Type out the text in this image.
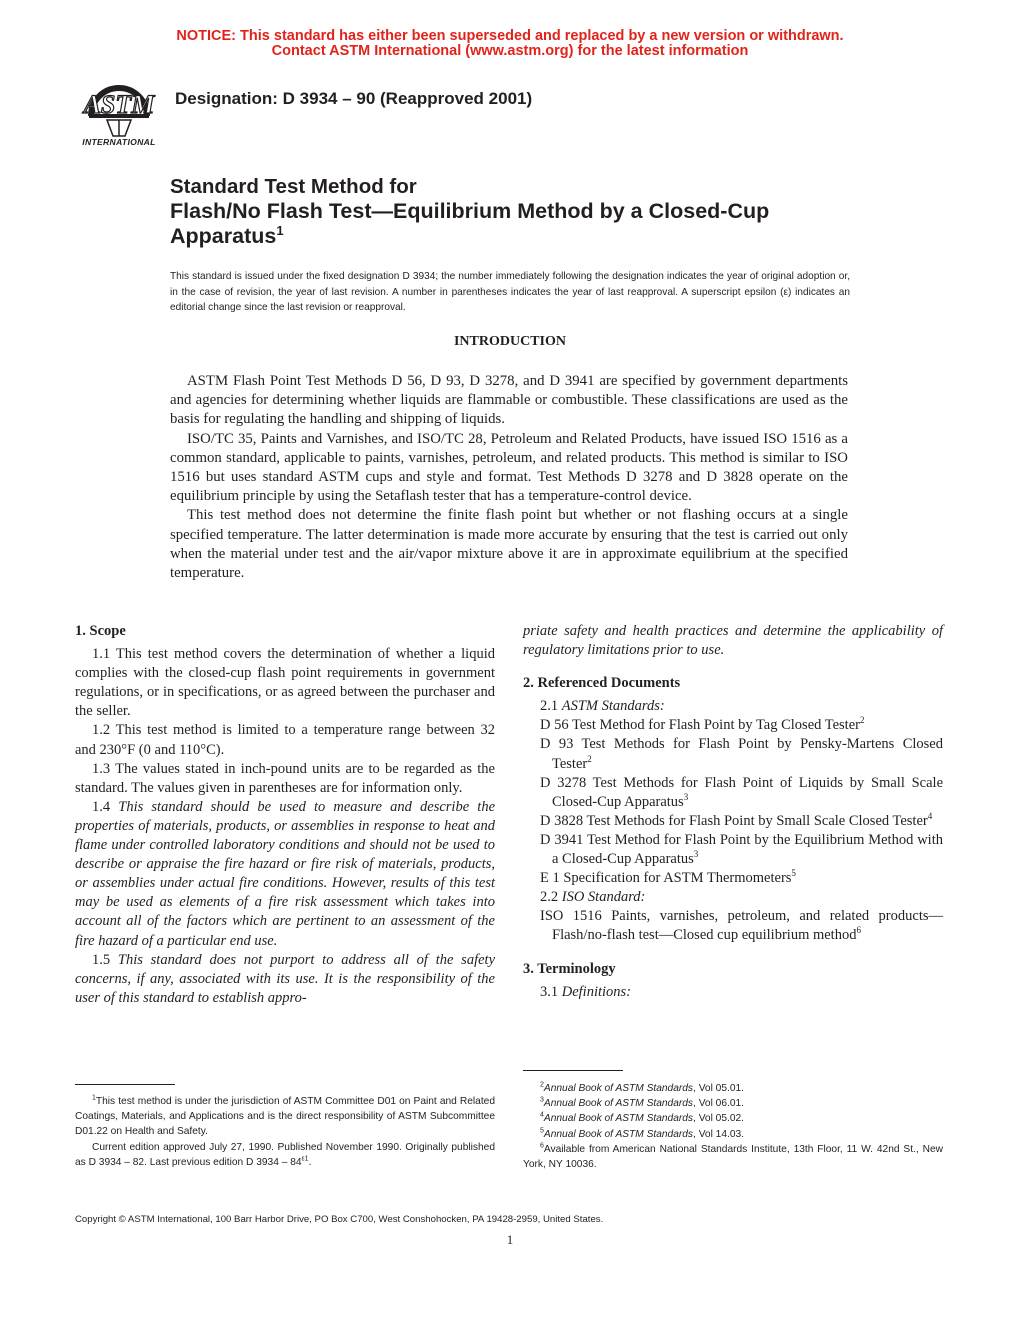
NOTICE: This standard has either been superseded and replaced by a new version or withdrawn.
Contact ASTM International (www.astm.org) for the latest information
ASTM
INTERNATIONAL
Designation: D 3934 – 90 (Reapproved 2001)
Standard Test Method for
Flash/No Flash Test—Equilibrium Method by a Closed-Cup
Apparatus$^1$
This standard is issued under the fixed designation D 3934; the number immediately following the designation indicates the year of original adoption or, in the case of revision, the year of last revision. A number in parentheses indicates the year of last reapproval. A superscript epsilon (ε) indicates an editorial change since the last revision or reapproval.
INTRODUCTION

ASTM Flash Point Test Methods D 56, D 93, D 3278, and D 3941 are specified by government departments and agencies for determining whether liquids are flammable or combustible. These classifications are used as the basis for regulating the handling and shipping of liquids.

ISO/TC 35, Paints and Varnishes, and ISO/TC 28, Petroleum and Related Products, have issued ISO 1516 as a common standard, applicable to paints, varnishes, petroleum, and related products. This method is similar to ISO 1516 but uses standard ASTM cups and style and format. Test Methods D 3278 and D 3828 operate on the equilibrium principle by using the Setaflash tester that has a temperature-control device.

This test method does not determine the finite flash point but whether or not flashing occurs at a single specified temperature. The latter determination is made more accurate by ensuring that the test is carried out only when the material under test and the air/vapor mixture above it are in approximate equilibrium at the specified temperature.

1. Scope

1.1 This test method covers the determination of whether a liquid complies with the closed-cup flash point requirements in government regulations, or in specifications, or as agreed between the purchaser and the seller.

1.2 This test method is limited to a temperature range between 32 and 230°F (0 and 110°C).

1.3 The values stated in inch-pound units are to be regarded as the standard. The values given in parentheses are for information only.

1.4 This standard should be used to measure and describe the properties of materials, products, or assemblies in response to heat and flame under controlled laboratory conditions and should not be used to describe or appraise the fire hazard or fire risk of materials, products, or assemblies under actual fire conditions. However, results of this test may be used as elements of a fire risk assessment which takes into account all of the factors which are pertinent to an assessment of the fire hazard of a particular end use.

1.5 This standard does not purport to address all of the safety concerns, if any, associated with its use. It is the responsibility of the user of this standard to establish appro-

priate safety and health practices and determine the applicability of regulatory limitations prior to use.

2. Referenced Documents

2.1 ASTM Standards:

D 56 Test Method for Flash Point by Tag Closed Tester$^2$

D 93 Test Methods for Flash Point by Pensky-Martens Closed Tester$^2$

D 3278 Test Methods for Flash Point of Liquids by Small Scale Closed-Cup Apparatus$^3$

D 3828 Test Methods for Flash Point by Small Scale Closed Tester$^4$

D 3941 Test Method for Flash Point by the Equilibrium Method with a Closed-Cup Apparatus$^3$

E 1 Specification for ASTM Thermometers$^5$

2.2 ISO Standard:

ISO 1516 Paints, varnishes, petroleum, and related products—Flash/no-flash test—Closed cup equilibrium method$^6$

3. Terminology

3.1 Definitions:

$^1$This test method is under the jurisdiction of ASTM Committee D01 on Paint and Related Coatings, Materials, and Applications and is the direct responsibility of ASTM Subcommittee D01.22 on Health and Safety.

Current edition approved July 27, 1990. Published November 1990. Originally published as D 3934 – 82. Last previous edition D $3934 - 84^{\varepsilon 1}$.

$^2$Annual Book of ASTM Standards, Vol 05.01.

$^3$Annual Book of ASTM Standards, Vol 06.01.

$^4$Annual Book of ASTM Standards, Vol 05.02.

$^5$Annual Book of ASTM Standards, Vol 14.03.

$^6$Available from American National Standards Institute, 13th Floor, 11 W. 42nd St., New York, NY 10036.

Copyright © ASTM International, 100 Barr Harbor Drive, PO Box C700, West Conshohocken, PA 19428-2959, United States.
1
